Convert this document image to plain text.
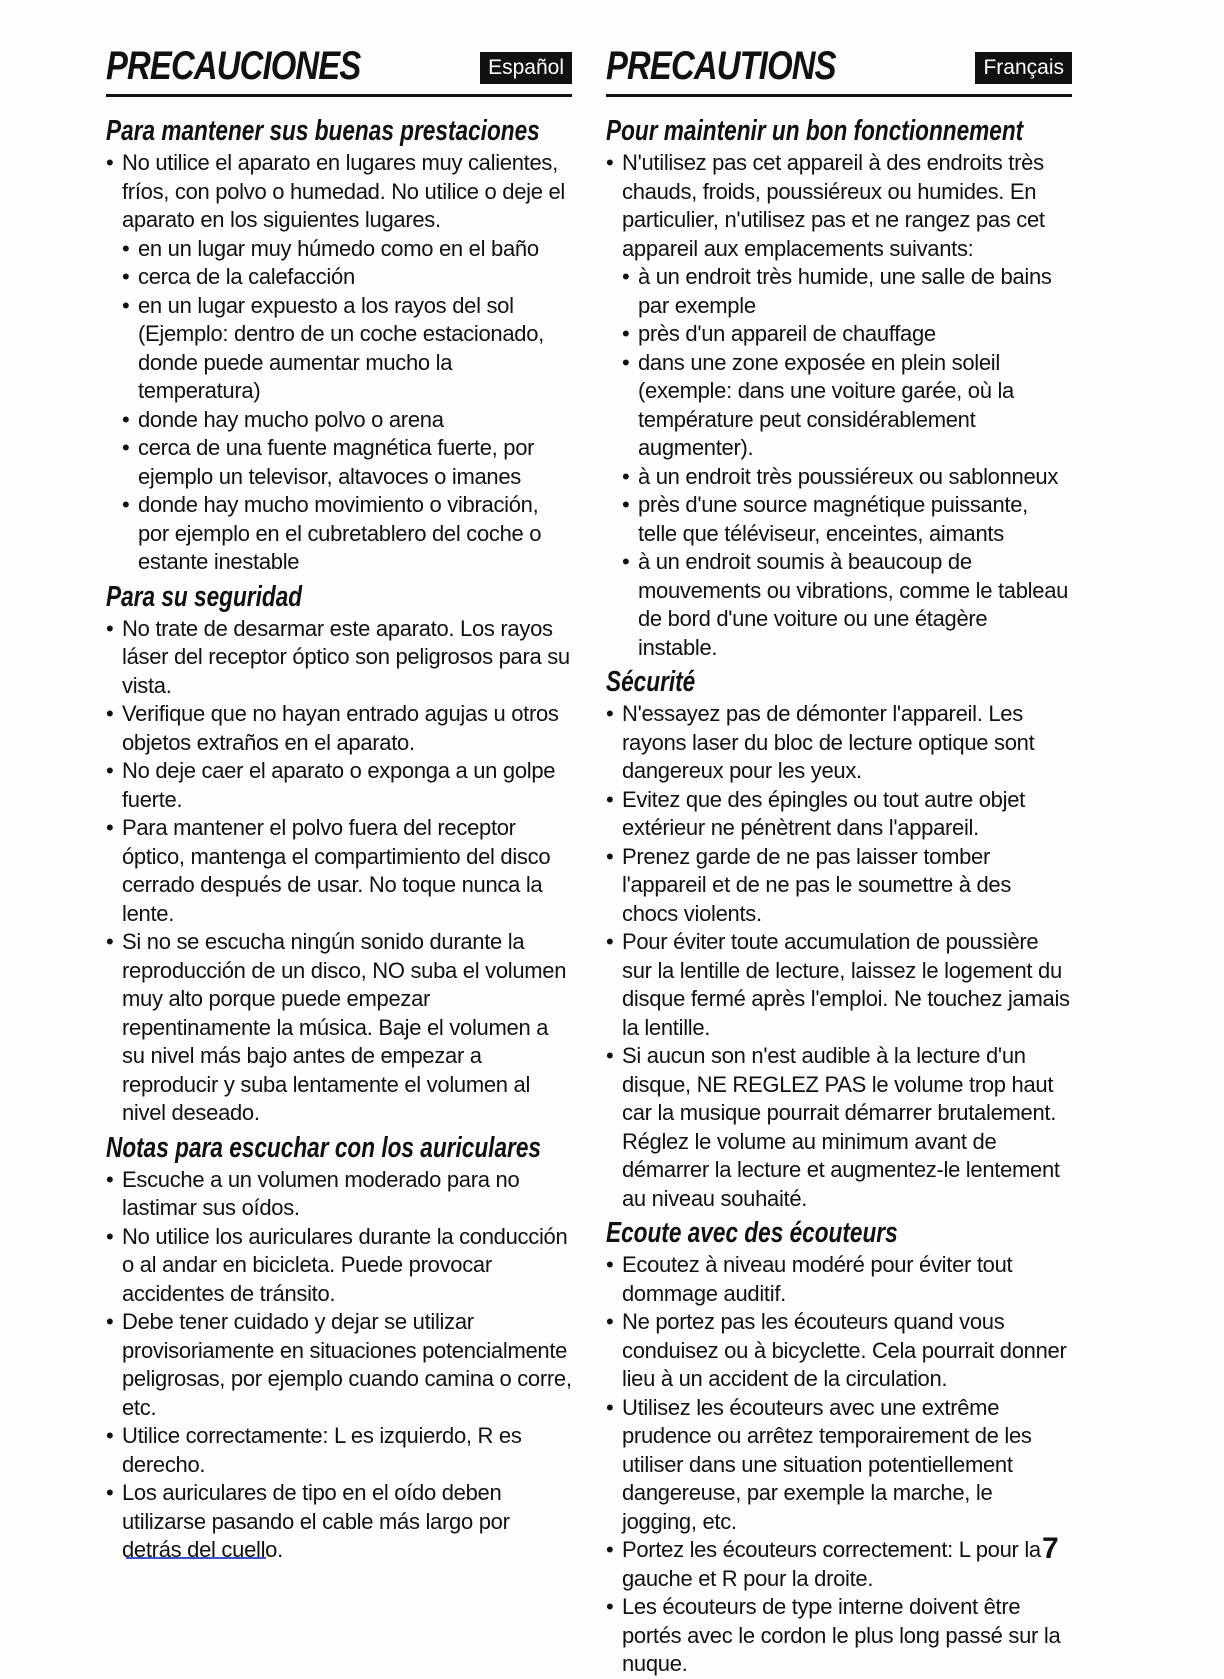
PRECAUCIONES	Español
Para mantener sus buenas prestaciones
• No utilice el aparato en lugares muy calientes, fríos, con polvo o humedad. No utilice o deje el aparato en los siguientes lugares.
• en un lugar muy húmedo como en el baño
• cerca de la calefacción
• en un lugar expuesto a los rayos del sol (Ejemplo: dentro de un coche estacionado, donde puede aumentar mucho la temperatura)
• donde hay mucho polvo o arena
• cerca de una fuente magnética fuerte, por ejemplo un televisor, altavoces o imanes
• donde hay mucho movimiento o vibración, por ejemplo en el cubretablero del coche o estante inestable
Para su seguridad
• No trate de desarmar este aparato. Los rayos láser del receptor óptico son peligrosos para su vista.
• Verifique que no hayan entrado agujas u otros objetos extraños en el aparato.
• No deje caer el aparato o exponga a un golpe fuerte.
• Para mantener el polvo fuera del receptor óptico, mantenga el compartimiento del disco cerrado después de usar. No toque nunca la lente.
• Si no se escucha ningún sonido durante la reproducción de un disco, NO suba el volumen muy alto porque puede empezar repentinamente la música. Baje el volumen a su nivel más bajo antes de empezar a reproducir y suba lentamente el volumen al nivel deseado.
Notas para escuchar con los auriculares
• Escuche a un volumen moderado para no lastimar sus oídos.
• No utilice los auriculares durante la conducción o al andar en bicicleta. Puede provocar accidentes de tránsito.
• Debe tener cuidado y dejar se utilizar provisoriamente en situaciones potencialmente peligrosas, por ejemplo cuando camina o corre, etc.
• Utilice correctamente: L es izquierdo, R es derecho.
• Los auriculares de tipo en el oído deben utilizarse pasando el cable más largo por detrás del cuello.
PRECAUTIONS	Français
Pour maintenir un bon fonctionnement
• N'utilisez pas cet appareil à des endroits très chauds, froids, poussiéreux ou humides. En particulier, n'utilisez pas et ne rangez pas cet appareil aux emplacements suivants:
• à un endroit très humide, une salle de bains par exemple
• près d'un appareil de chauffage
• dans une zone exposée en plein soleil (exemple: dans une voiture garée, où la température peut considérablement augmenter).
• à un endroit très poussiéreux ou sablonneux
• près d'une source magnétique puissante, telle que téléviseur, enceintes, aimants
• à un endroit soumis à beaucoup de mouvements ou vibrations, comme le tableau de bord d'une voiture ou une étagère instable.
Sécurité
• N'essayez pas de démonter l'appareil. Les rayons laser du bloc de lecture optique sont dangereux pour les yeux.
• Evitez que des épingles ou tout autre objet extérieur ne pénètrent dans l'appareil.
• Prenez garde de ne pas laisser tomber l'appareil et de ne pas le soumettre à des chocs violents.
• Pour éviter toute accumulation de poussière sur la lentille de lecture, laissez le logement du disque fermé après l'emploi. Ne touchez jamais la lentille.
• Si aucun son n'est audible à la lecture d'un disque, NE REGLEZ PAS le volume trop haut car la musique pourrait démarrer brutalement. Réglez le volume au minimum avant de démarrer la lecture et augmentez-le lentement au niveau souhaité.
Ecoute avec des écouteurs
• Ecoutez à niveau modéré pour éviter tout dommage auditif.
• Ne portez pas les écouteurs quand vous conduisez ou à bicyclette. Cela pourrait donner lieu à un accident de la circulation.
• Utilisez les écouteurs avec une extrême prudence ou arrêtez temporairement de les utiliser dans une situation potentiellement dangereuse, par exemple la marche, le jogging, etc.
• Portez les écouteurs correctement: L pour la gauche et R pour la droite.
• Les écouteurs de type interne doivent être portés avec le cordon le plus long passé sur la nuque.
7
